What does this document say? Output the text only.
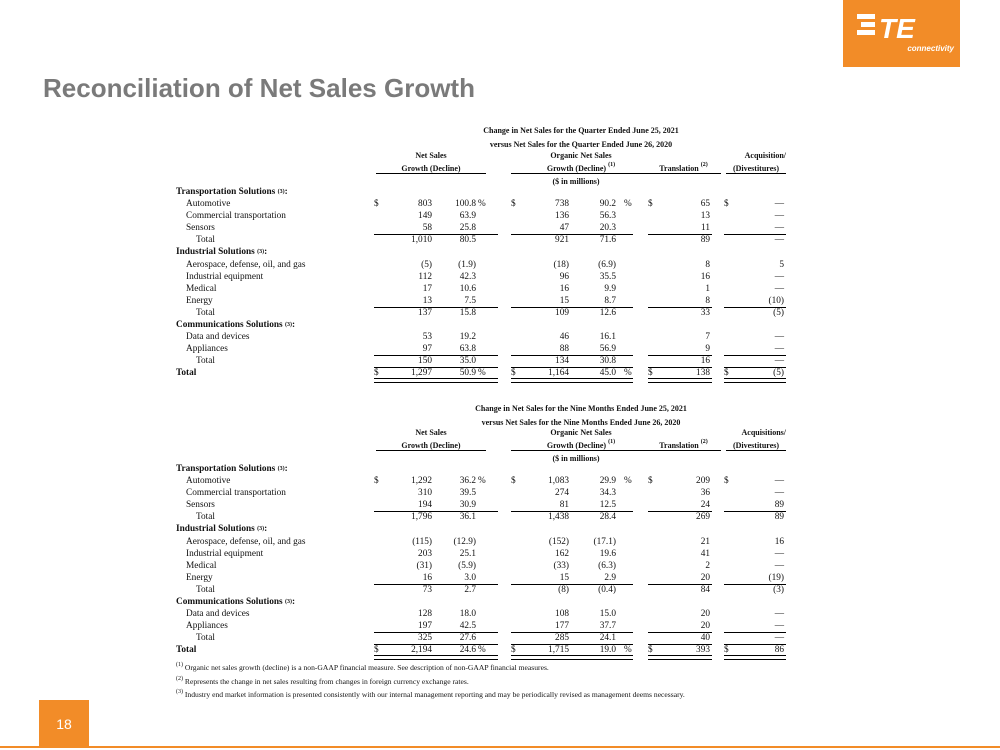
TE
connectivity
Reconciliation of Net Sales Growth
Change in Net Sales for the Quarter Ended June 25, 2021
versus Net Sales for the Quarter Ended June 26, 2020
Net Sales
Growth (Decline)
Organic Net Sales
Growth (Decline) $^{(1)}$	Translation $^{(2)}$
Acquisition/
(Divestitures)
($ in millions)
Transportation Solutions $^{(3)}$:
Automotive	$	803	100.8 %	$	738	90.2 % $	65 $	—
Commercial transportation	149	63.9	136	56.3	13	—
Sensors	58	25.8	47	20.3	11	—
Total	1,010	80.5	921	71.6	89	—
Industrial Solutions $^{(3)}$:
Aerospace, defense, oil, and gas	(5)	(1.9)	(18)	(6.9)	8	5
Industrial equipment	112	42.3	96	35.5	16	—
Medical	17	10.6	16	9.9	1	—
Energy	13	7.5	15	8.7	8	(10)
Total	137	15.8	109	12.6	33	(5)
Communications Solutions $^{(3)}$:
Data and devices	53	19.2	46	16.1	7	—
Appliances	97	63.8	88	56.9	9	—
Total	150	35.0	134	30.8	16	—
Total	$	1,297	50.9 %	$	1,164	45.0 % $	138 $	(5)
Change in Net Sales for the Nine Months Ended June 25, 2021
versus Net Sales for the Nine Months Ended June 26, 2020
Net Sales
Growth (Decline)
Organic Net Sales
Growth (Decline) $^{(1)}$	Translation $^{(2)}$
Acquisitions/
(Divestitures)
($ in millions)
Transportation Solutions $^{(3)}$:
Automotive	$	1,292	36.2 %	$	1,083	29.9 % $	209 $	—
Commercial transportation	310	39.5	274	34.3	36	—
Sensors	194	30.9	81	12.5	24	89
Total	1,796	36.1	1,438	28.4	269	89
Industrial Solutions $^{(3)}$:
Aerospace, defense, oil, and gas	(115)	(12.9)	(152)	(17.1)	21	16
Industrial equipment	203	25.1	162	19.6	41	—
Medical	(31)	(5.9)	(33)	(6.3)	2	—
Energy	16	3.0	15	2.9	20	(19)
Total	73	2.7	(8)	(0.4)	84	(3)
Communications Solutions $^{(3)}$:
Data and devices	128	18.0	108	15.0	20	—
Appliances	197	42.5	177	37.7	20	—
Total	325	27.6	285	24.1	40	—
Total	$	2,194	24.6 %	$	1,715	19.0 % $	393 $	86
$^{(1)}$ Organic net sales growth (decline) is a non-GAAP financial measure. See description of non-GAAP financial measures.
$^{(2)}$ Represents the change in net sales resulting from changes in foreign currency exchange rates.
$^{(3)}$ Industry end market information is presented consistently with our internal management reporting and may be periodically revised as management deems necessary.
18
